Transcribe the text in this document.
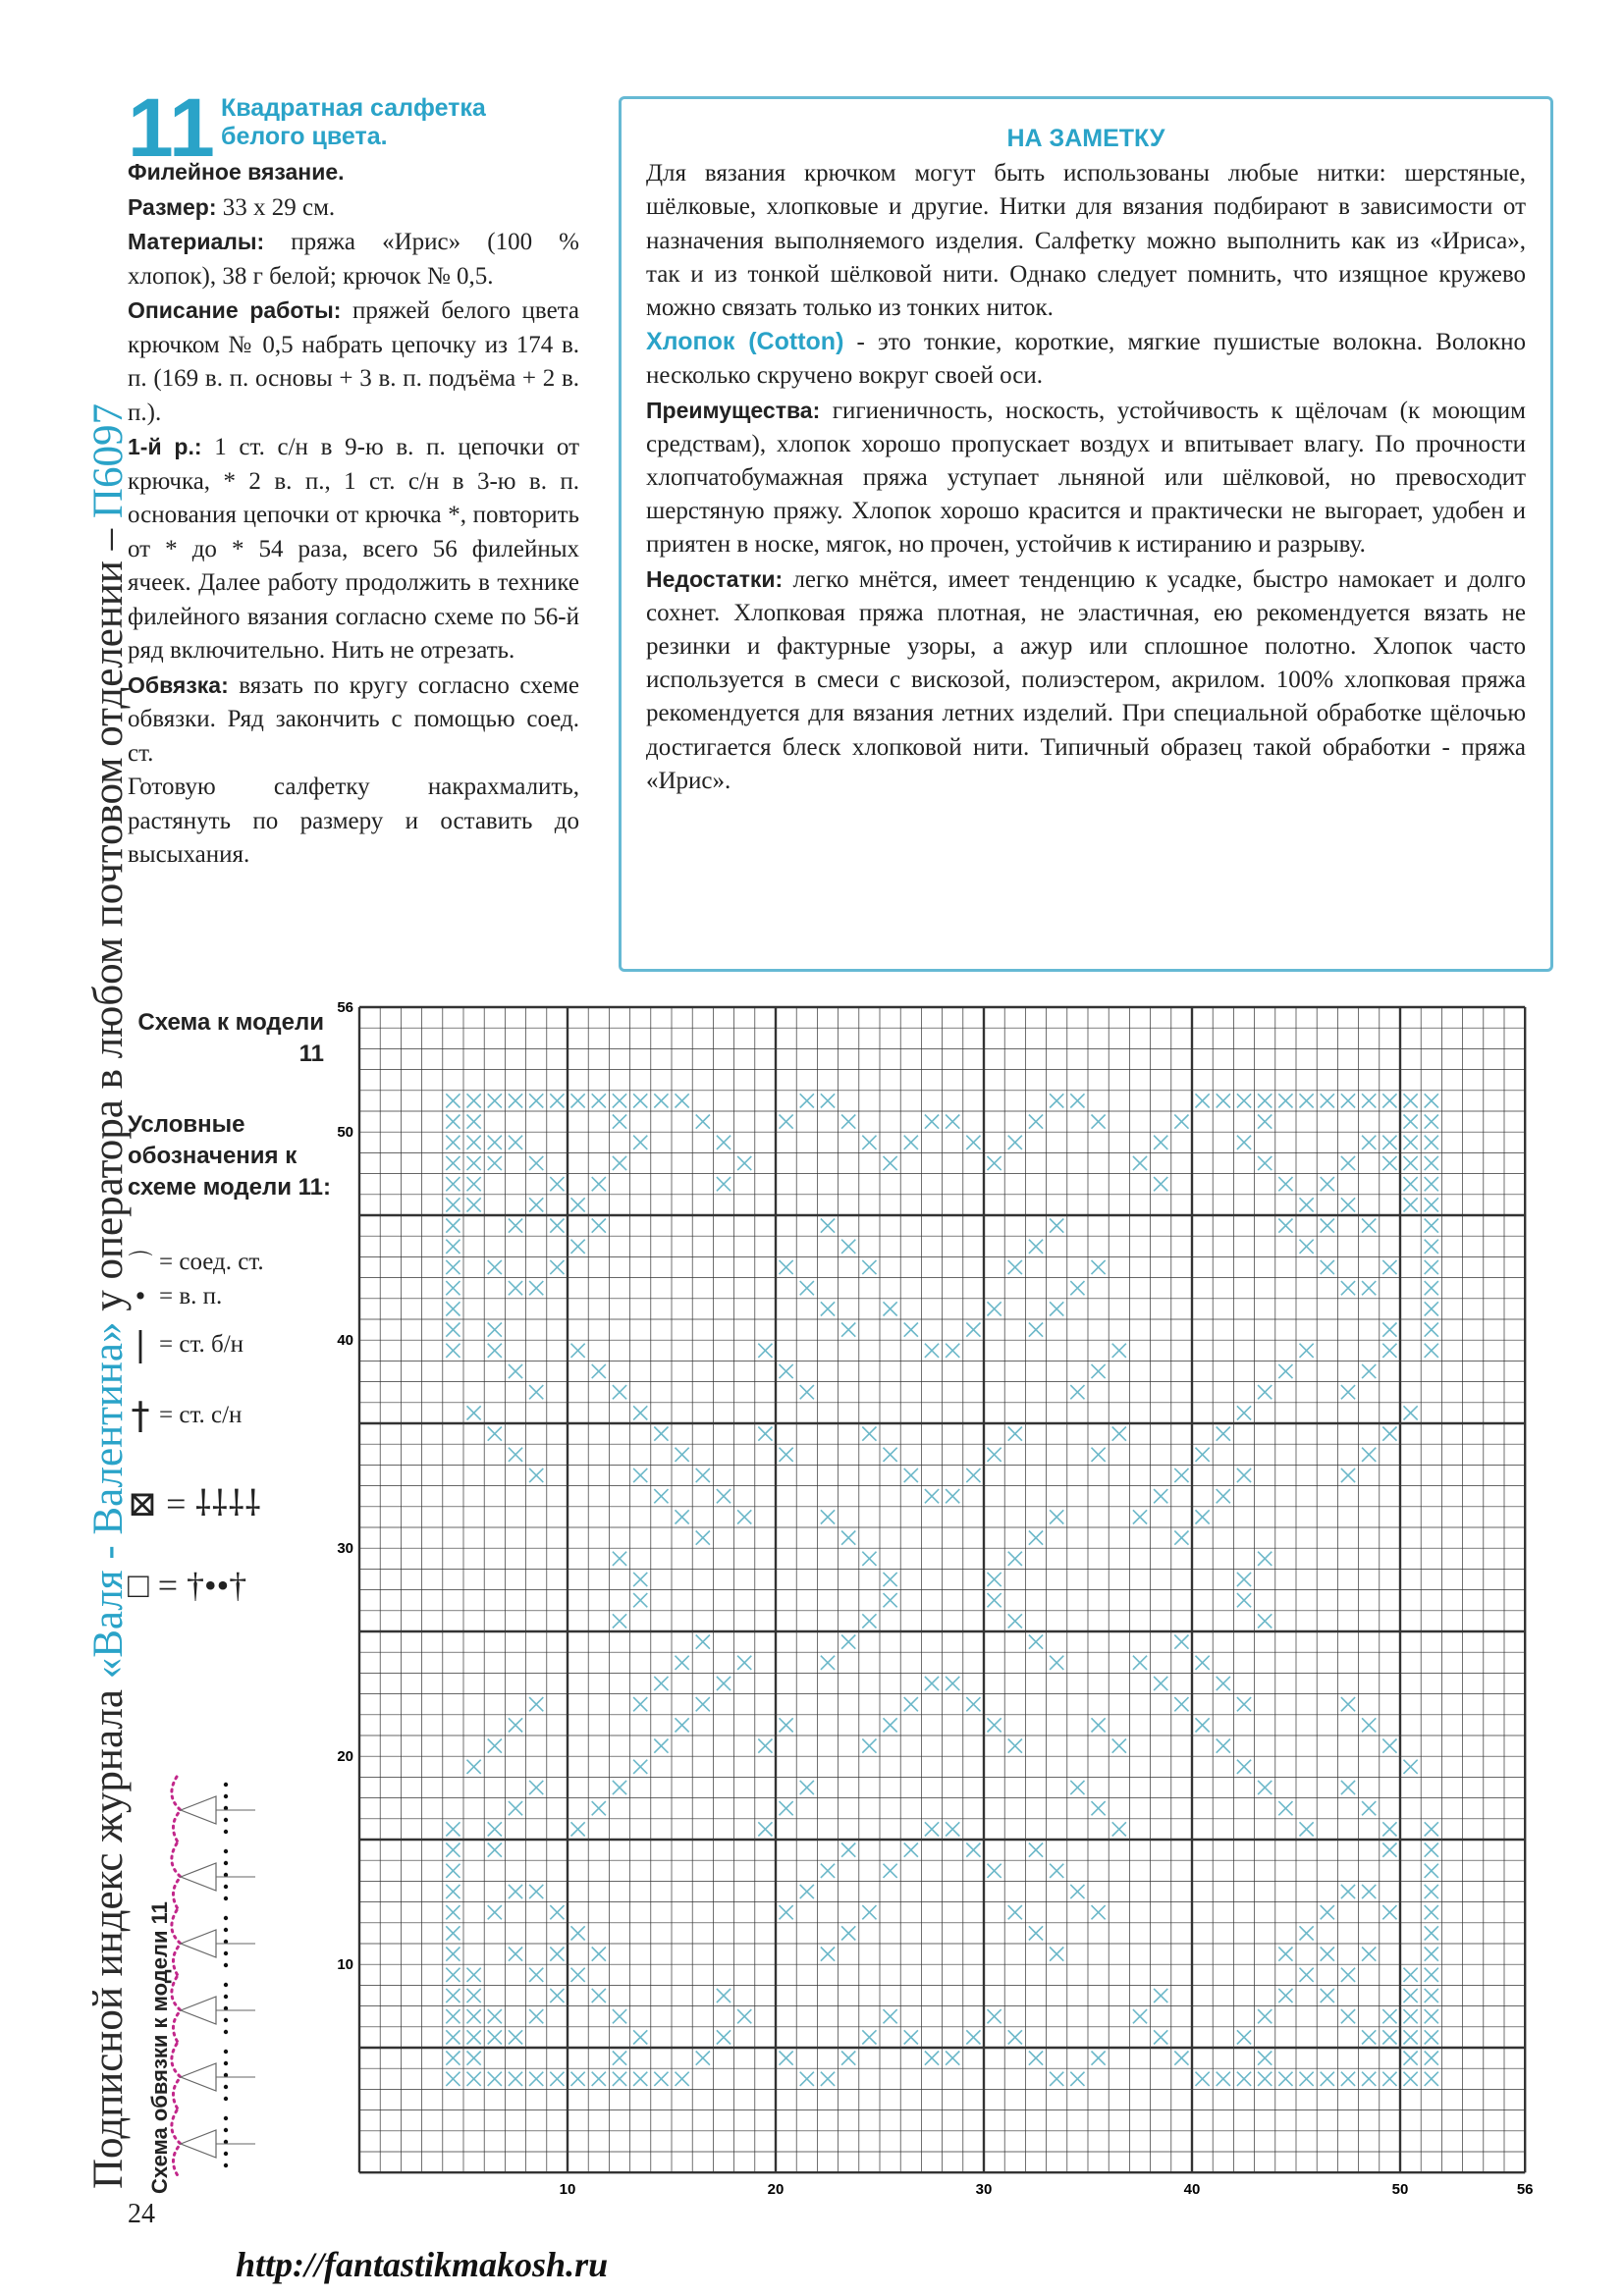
Подписной индекс журнала «Валя - Валентина» у оператора в любом почтовом отделении – П6097
11 Квадратная салфетка белого цвета.

Филейное вязание.

Размер: 33 х 29 см.

Материалы: пряжа «Ирис» (100 % хлопок), 38 г белой; крючок № 0,5.

Описание работы: пряжей белого цвета крючком № 0,5 набрать цепочку из 174 в. п. (169 в. п. основы + 3 в. п. подъёма + 2 в. п.).

1-й р.: 1 ст. с/н в 9-ю в. п. цепочки от крючка, * 2 в. п., 1 ст. с/н в 3-ю в. п. основания цепочки от крючка *, повторить от * до * 54 раза, всего 56 филейных ячеек. Далее работу продолжить в технике филейного вязания согласно схеме по 56-й ряд включительно. Нить не отрезать.

Обвязка: вязать по кругу согласно схеме обвязки. Ряд закончить с помощью соед. ст.

Готовую салфетку накрахмалить, растянуть по размеру и оставить до высыхания.

НА ЗАМЕТКУ

Для вязания крючком могут быть использованы любые нитки: шерстяные, шёлковые, хлопковые и другие. Нитки для вязания подбирают в зависимости от назначения выполняемого изделия. Салфетку можно выполнить как из «Ириса», так и из тонкой шёлковой нити. Однако следует помнить, что изящное кружево можно связать только из тонких ниток.

Хлопок (Cotton) - это тонкие, короткие, мягкие пушистые волокна. Волокно несколько скручено вокруг своей оси.

Преимущества: гигиеничность, носкость, устойчивость к щёлочам (к моющим средствам), хлопок хорошо пропускает воздух и впитывает влагу. По прочности хлопчатобумажная пряжа уступает льняной или шёлковой, но превосходит шерстяную пряжу. Хлопок хорошо красится и практически не выгорает, удобен и приятен в носке, мягок, но прочен, устойчив к истиранию и разрыву.

Недостатки: легко мнётся, имеет тенденцию к усадке, быстро намокает и долго сохнет. Хлопковая пряжа плотная, не эластичная, ею рекомендуется вязать не резинки и фактурные узоры, а ажур или сплошное полотно. Хлопок часто используется в смеси с вискозой, полиэстером, акрилом. 100% хлопковая пряжа рекомендуется для вязания летних изделий. При специальной обработке щёлочью достигается блеск хлопковой нити. Типичный образец такой обработки - пряжа «Ирис».

Схема к модели 11
Условные обозначения к схеме модели 11:
⌒ = соед. ст.
• = в. п.
| = ст. б/н
† = ст. с/н
⊠ = ⸸⸸⸸⸸
□ = †••†
10	20	30	40	50	56
10
20
30
40
50
56
Схема обвязки к модели 11
24
http://fantastikmakosh.ru
